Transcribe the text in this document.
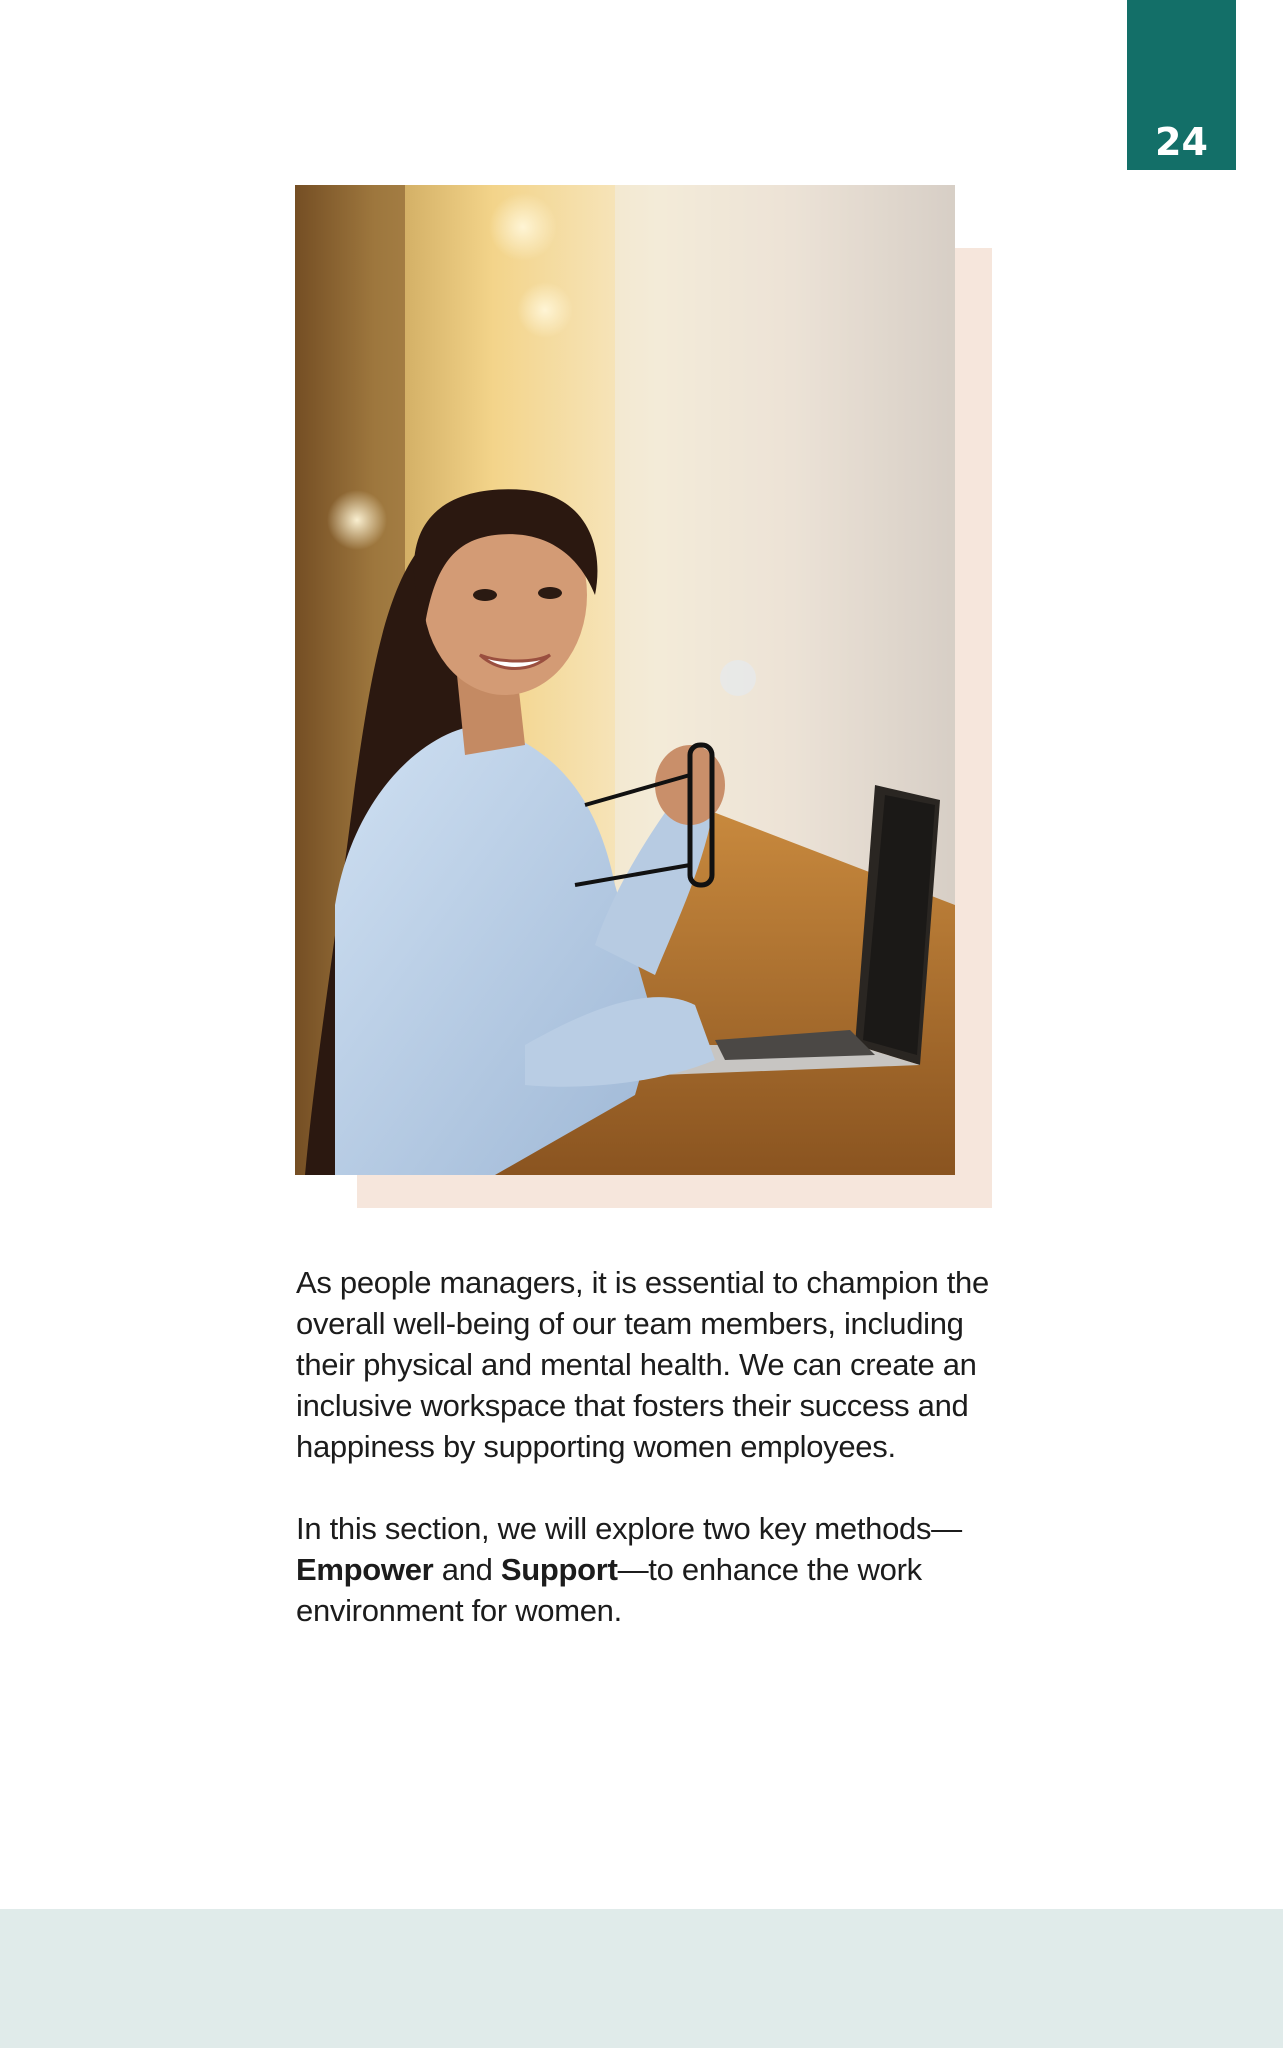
24

As people managers, it is essential to champion the overall well-being of our team members, including their physical and mental health. We can create an inclusive workspace that fosters their success and happiness by supporting women employees.

In this section, we will explore two key methods—Empower and Support—to enhance the work environment for women.
